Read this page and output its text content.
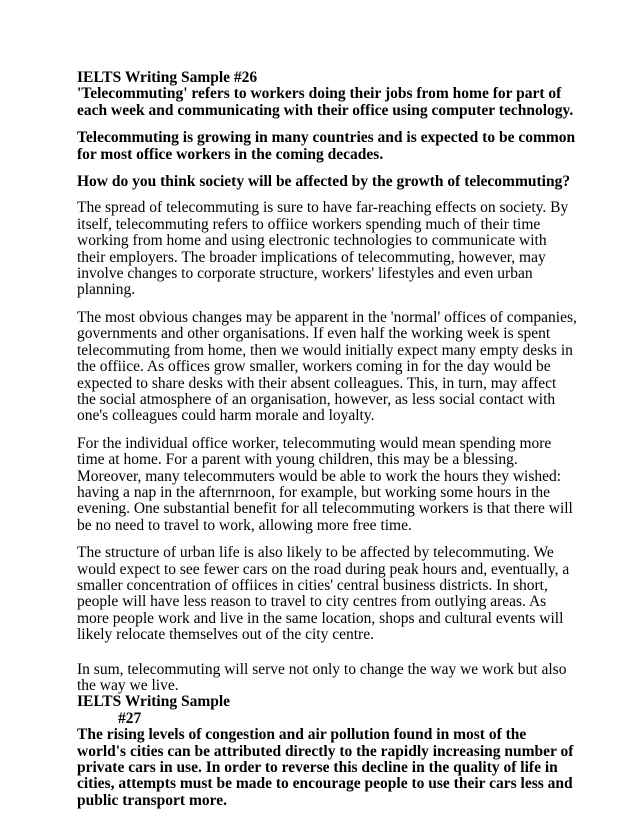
IELTS Writing Sample #26

'Telecommuting' refers to workers doing their jobs from home for part of each week and communicating with their office using computer technology.

Telecommuting is growing in many countries and is expected to be common for most office workers in the coming decades.

How do you think society will be affected by the growth of telecommuting?

The spread of telecommuting is sure to have far-reaching effects on society. By itself, telecommuting refers to offiice workers spending much of their time working from home and using electronic technologies to communicate with their employers. The broader implications of telecommuting, however, may involve changes to corporate structure, workers' lifestyles and even urban planning.

The most obvious changes may be apparent in the 'normal' offices of companies, governments and other organisations. If even half the working week is spent telecommuting from home, then we would initially expect many empty desks in the offiice. As offices grow smaller, workers coming in for the day would be expected to share desks with their absent colleagues. This, in turn, may affect the social atmosphere of an organisation, however, as less social contact with one's colleagues could harm morale and loyalty.

For the individual office worker, telecommuting would mean spending more time at home. For a parent with young children, this may be a blessing. Moreover, many telecommuters would be able to work the hours they wished: having a nap in the afternrnoon, for example, but working some hours in the evening. One substantial benefit for all telecommuting workers is that there will be no need to travel to work, allowing more free time.

The structure of urban life is also likely to be affected by telecommuting. We would expect to see fewer cars on the road during peak hours and, eventually, a smaller concentration of offiices in cities' central business districts. In short, people will have less reason to travel to city centres from outlying areas. As more people work and live in the same location, shops and cultural events will likely relocate themselves out of the city centre.

In sum, telecommuting will serve not only to change the way we work but also the way we live.

IELTS Writing Sample
#27

The rising levels of congestion and air pollution found in most of the world's cities can be attributed directly to the rapidly increasing number of private cars in use. In order to reverse this decline in the quality of life in cities, attempts must be made to encourage people to use their cars less and public transport more.
